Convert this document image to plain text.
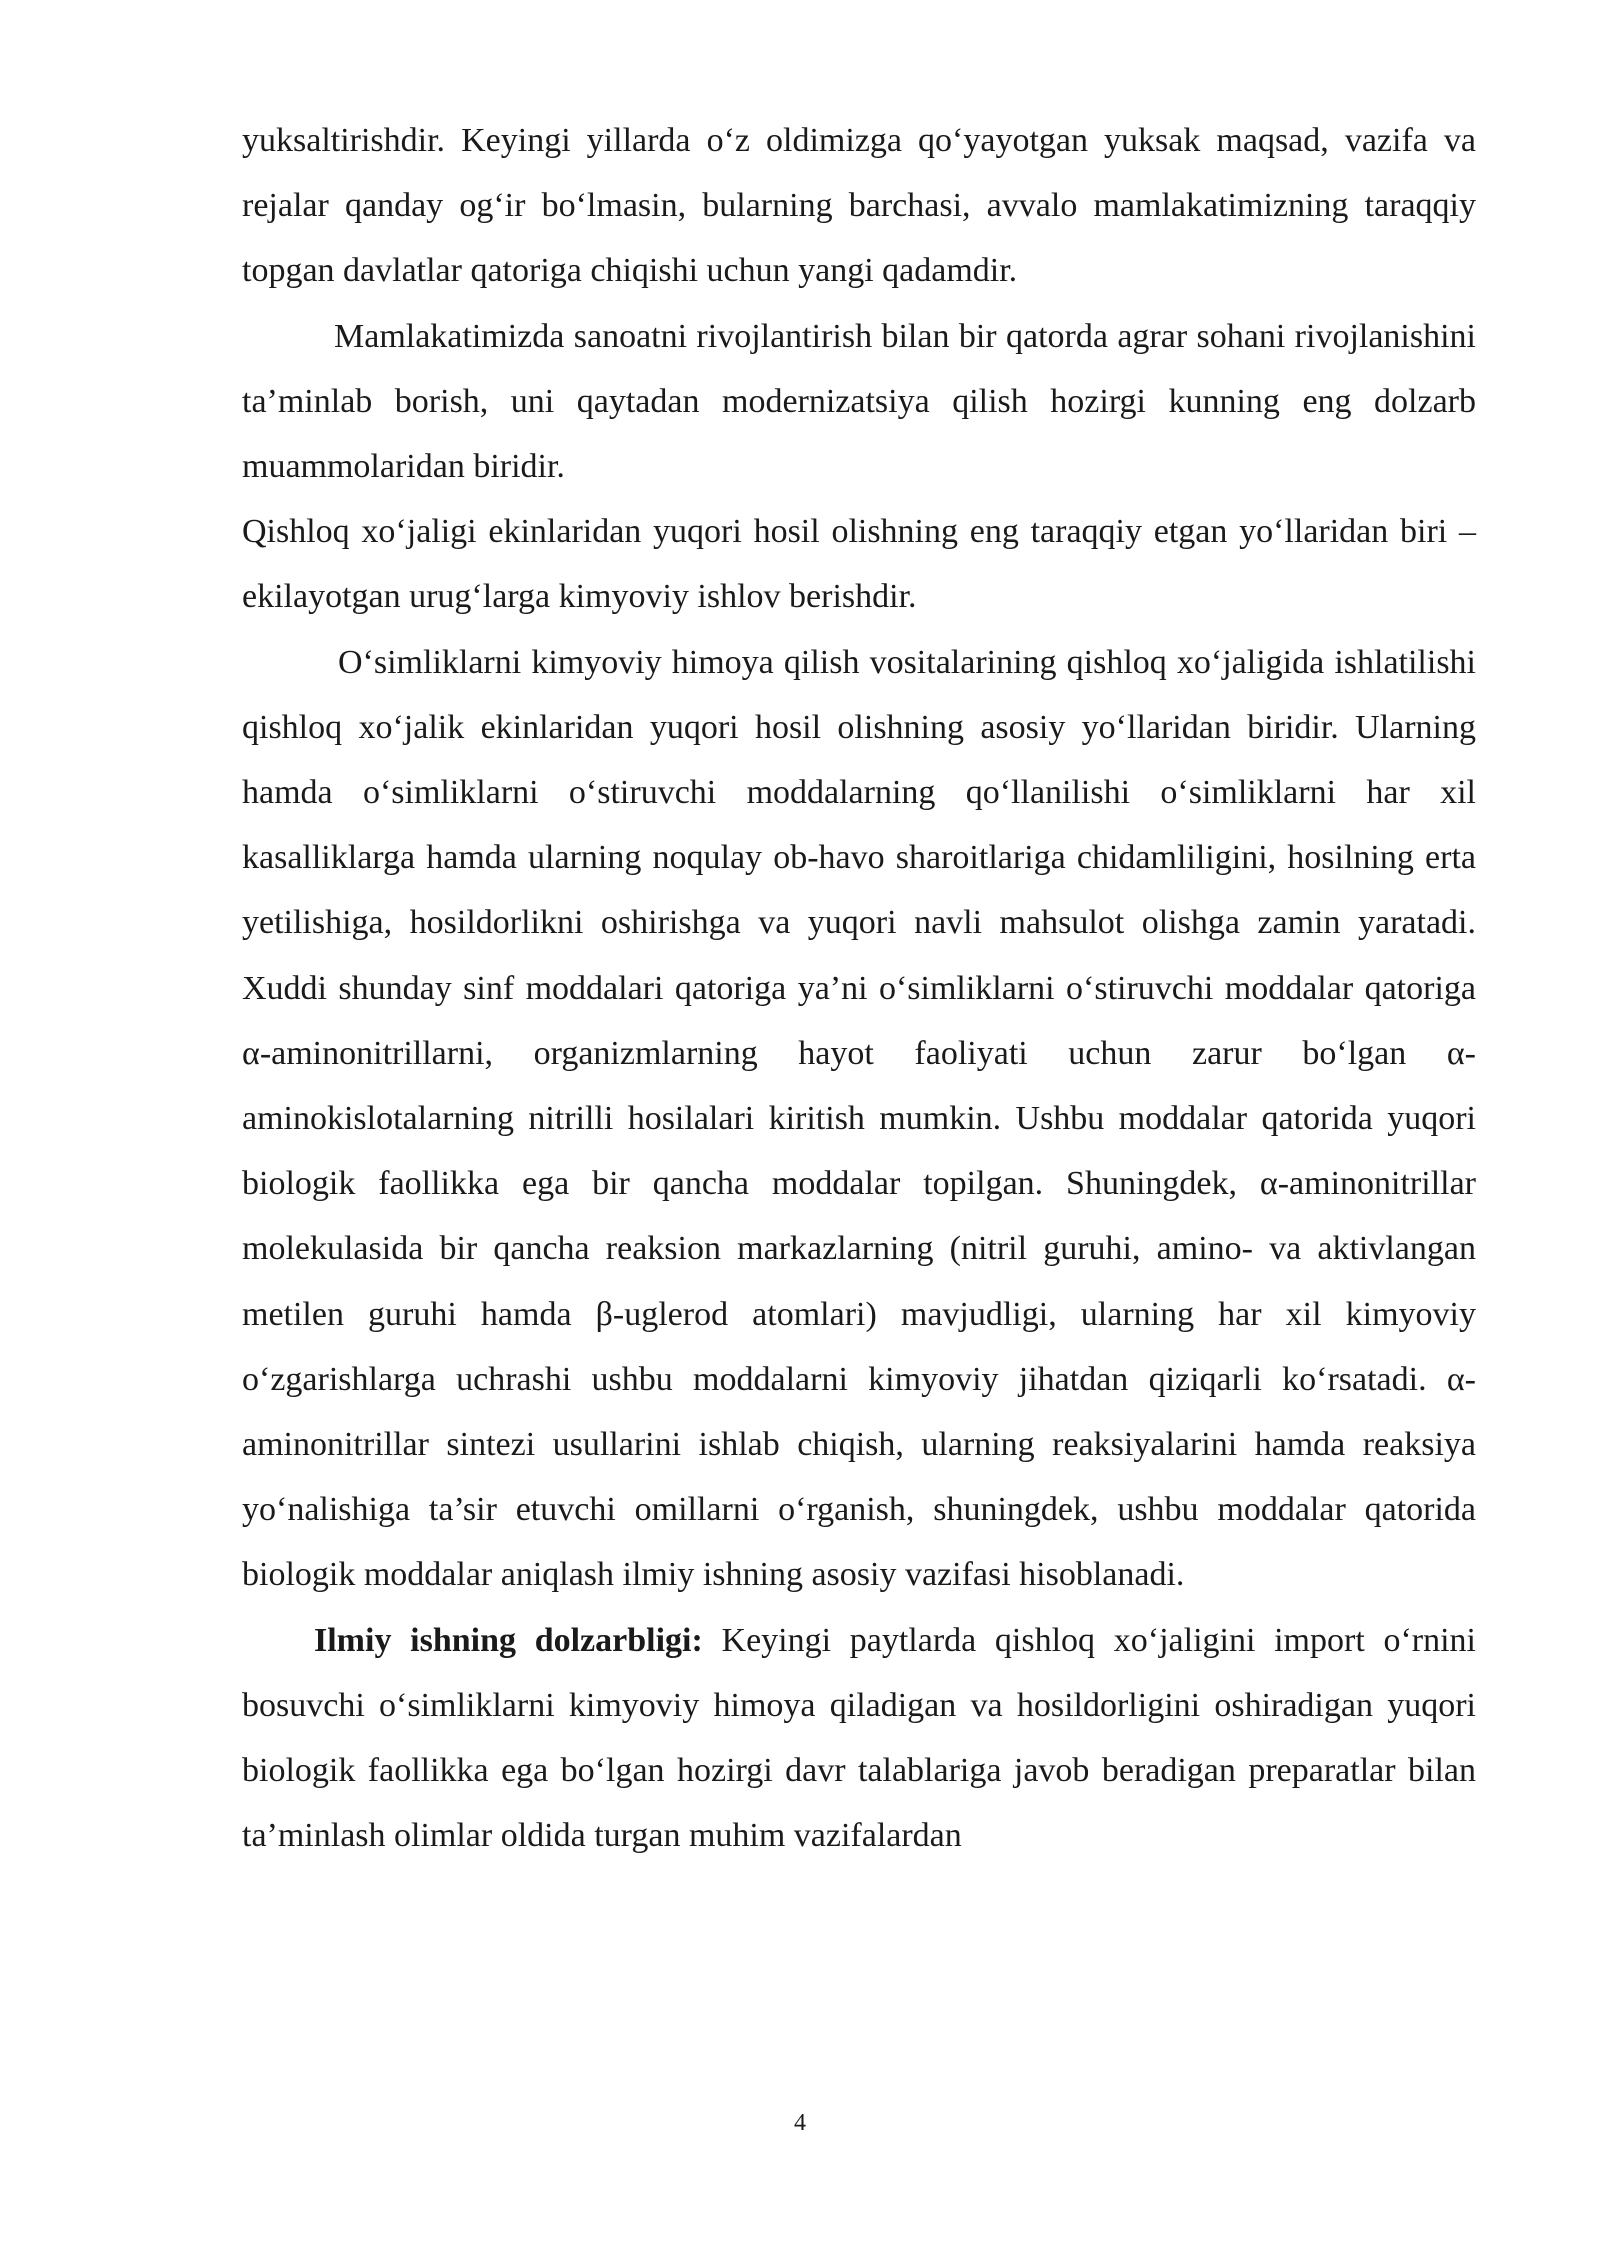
yuksaltirishdir. Keyingi yillarda o‘z oldimizga qo‘yayotgan yuksak maqsad, vazifa va rejalar qanday og‘ir bo‘lmasin, bularning barchasi, avvalo mamlakatimizning taraqqiy topgan davlatlar qatoriga chiqishi uchun yangi qadamdir.

Mamlakatimizda sanoatni rivojlantirish bilan bir qatorda agrar sohani rivojlanishini ta’minlab borish, uni qaytadan modernizatsiya qilish hozirgi kunning eng dolzarb muammolaridan biridir.

Qishloq xo‘jaligi ekinlaridan yuqori hosil olishning eng taraqqiy etgan yo‘llaridan biri – ekilayotgan urug‘larga kimyoviy ishlov berishdir.

O‘simliklarni kimyoviy himoya qilish vositalarining qishloq xo‘jaligida ishlatilishi qishloq xo‘jalik ekinlaridan yuqori hosil olishning asosiy yo‘llaridan biridir. Ularning hamda o‘simliklarni o‘stiruvchi moddalarning qo‘llanilishi o‘simliklarni har xil kasalliklarga hamda ularning noqulay ob-havo sharoitlariga chidamliligini, hosilning erta yetilishiga, hosildorlikni oshirishga va yuqori navli mahsulot olishga zamin yaratadi. Xuddi shunday sinf moddalari qatoriga ya’ni o‘simliklarni o‘stiruvchi moddalar qatoriga α-aminonitrillarni, organizmlarning hayot faoliyati uchun zarur bo‘lgan α-aminokislotalarning nitrilli hosilalari kiritish mumkin. Ushbu moddalar qatorida yuqori biologik faollikka ega bir qancha moddalar topilgan. Shuningdek, α-aminonitrillar molekulasida bir qancha reaksion markazlarning (nitril guruhi, amino- va aktivlangan metilen guruhi hamda β-uglerod atomlari) mavjudligi, ularning har xil kimyoviy o‘zgarishlarga uchrashi ushbu moddalarni kimyoviy jihatdan qiziqarli ko‘rsatadi. α-aminonitrillar sintezi usullarini ishlab chiqish, ularning reaksiyalarini hamda reaksiya yo‘nalishiga ta’sir etuvchi omillarni o‘rganish, shuningdek, ushbu moddalar qatorida biologik moddalar aniqlash ilmiy ishning asosiy vazifasi hisoblanadi.

Ilmiy ishning dolzarbligi: Keyingi paytlarda qishloq xo‘jaligini import o‘rnini bosuvchi o‘simliklarni kimyoviy himoya qiladigan va hosildorligini oshiradigan yuqori biologik faollikka ega bo‘lgan hozirgi davr talablariga javob beradigan preparatlar bilan ta’minlash olimlar oldida turgan muhim vazifalardan

4
